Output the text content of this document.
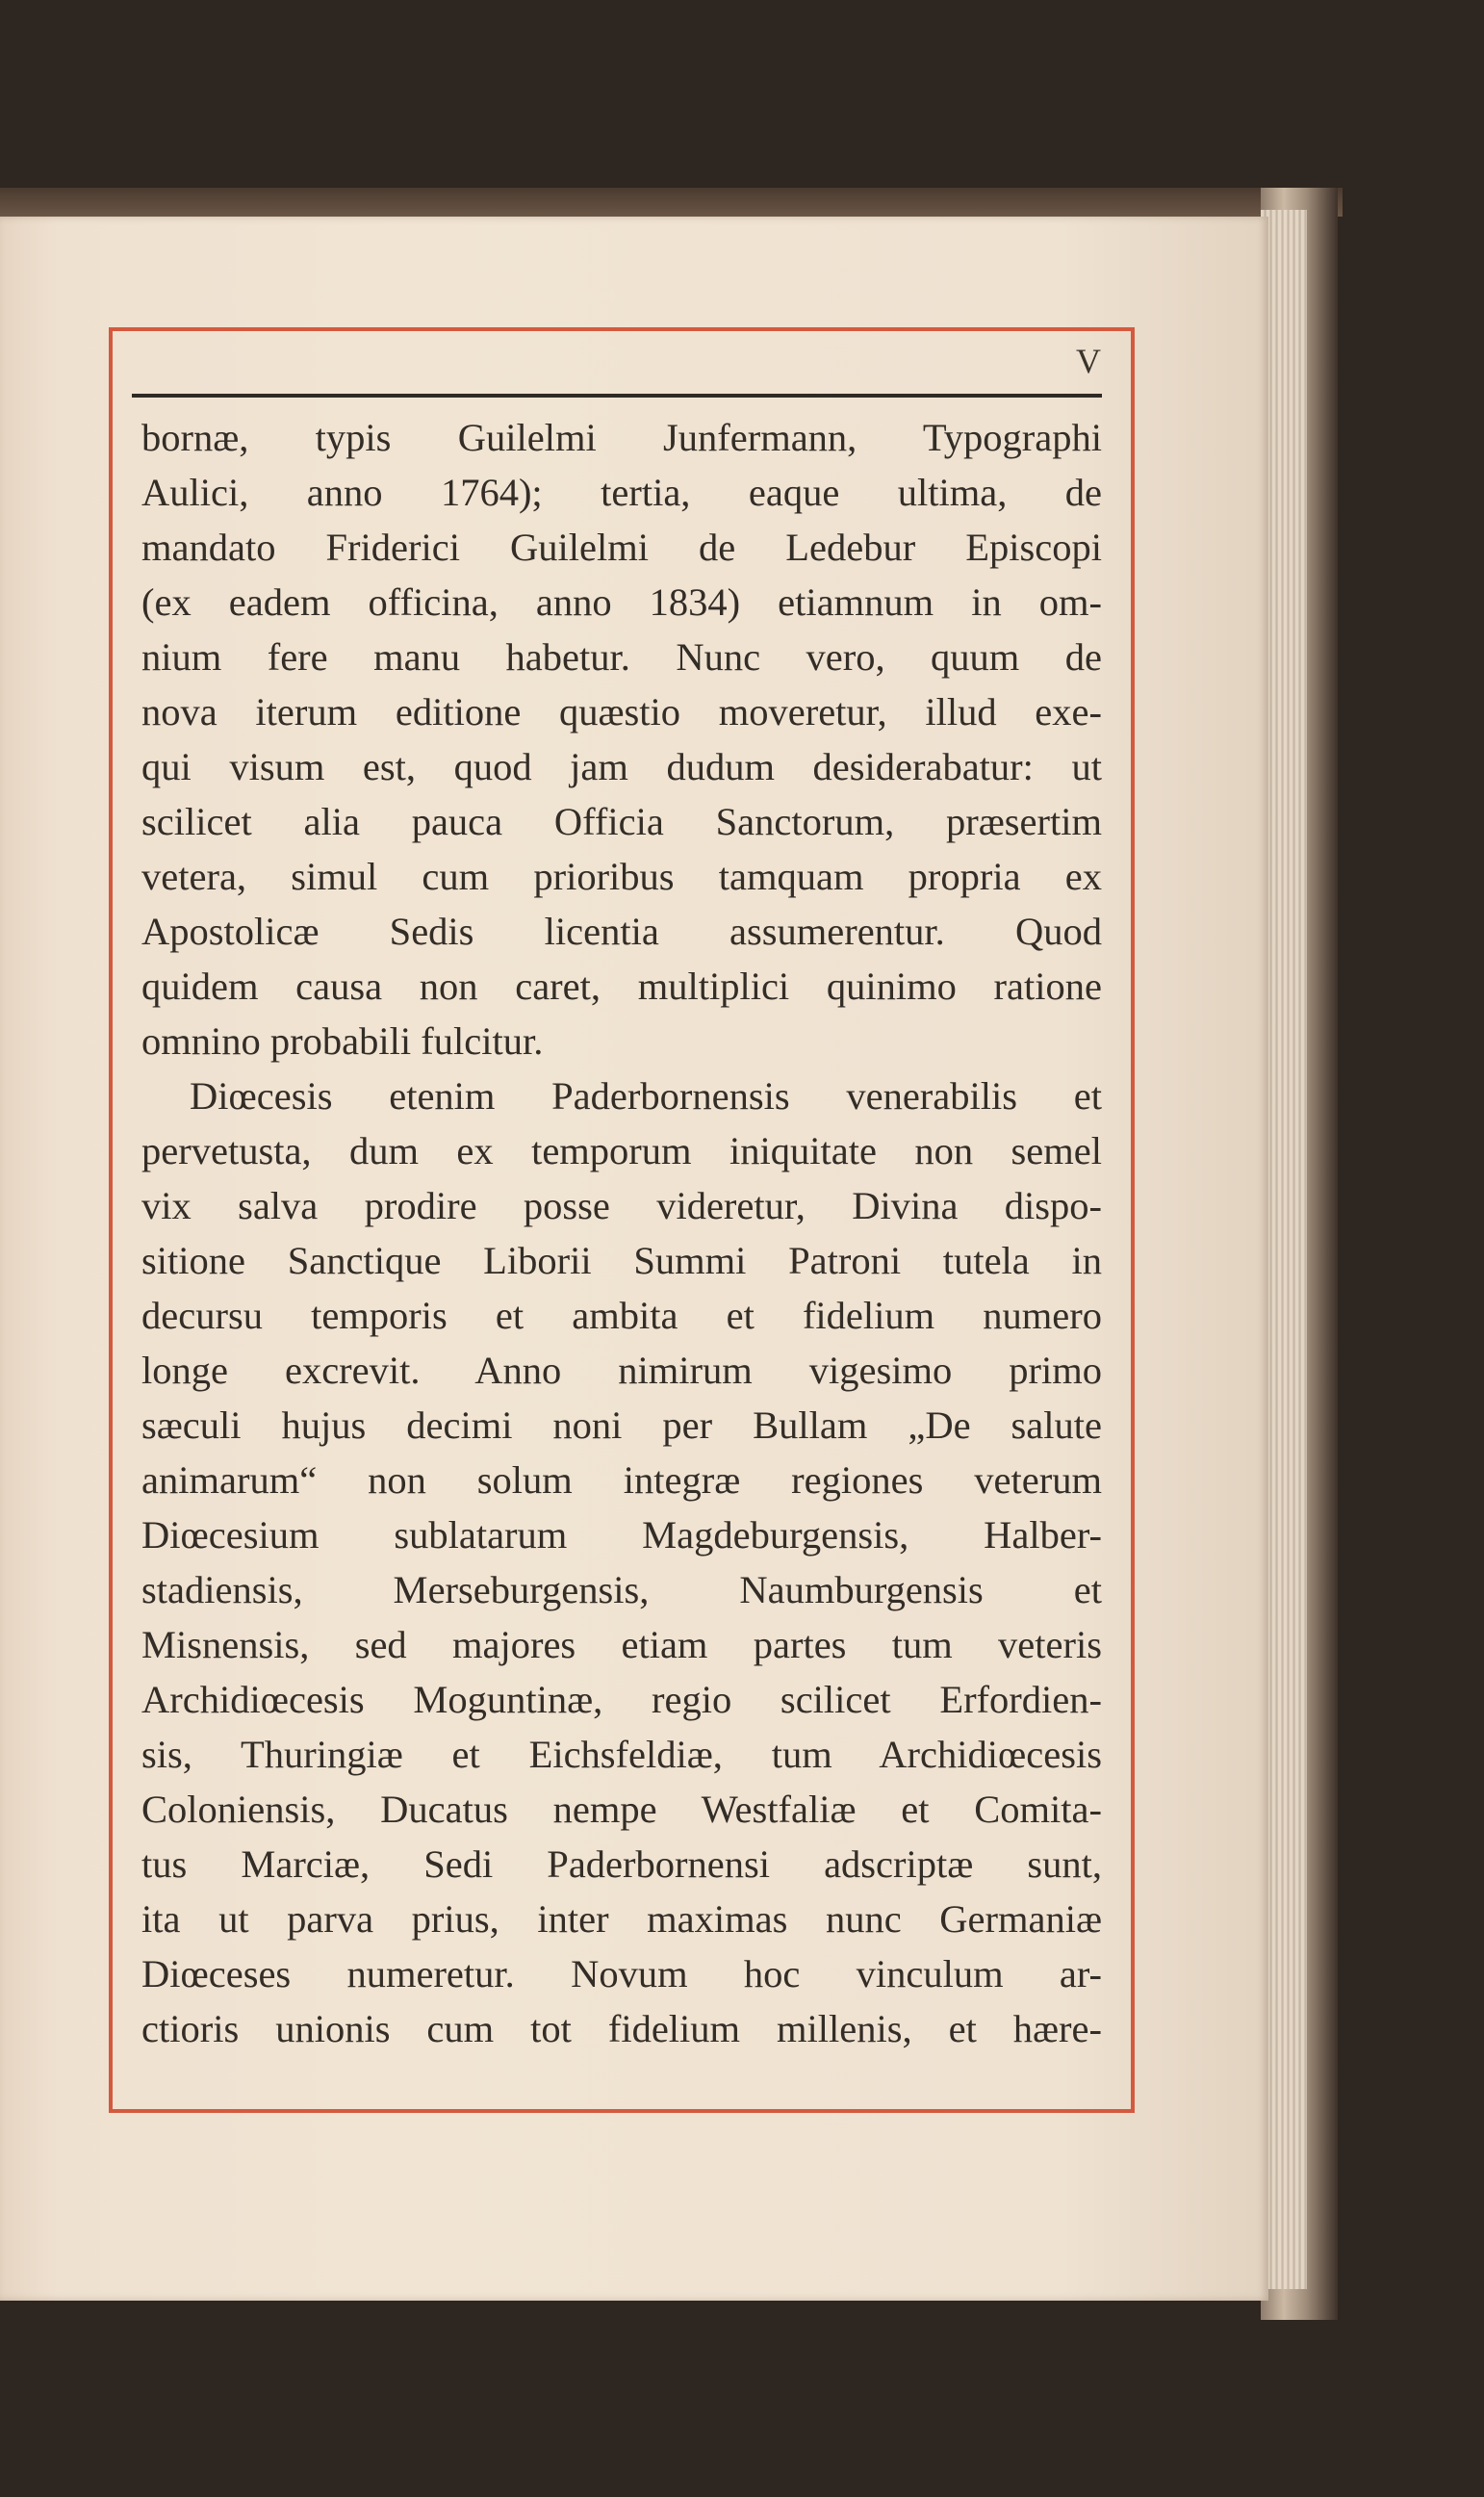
V
bornæ, typis Guilelmi Junfermann, Typographi
Aulici, anno 1764); tertia, eaque ultima, de
mandato Friderici Guilelmi de Ledebur Episcopi
(ex eadem officina, anno 1834) etiamnum in om-
nium fere manu habetur. Nunc vero, quum de
nova iterum editione quæstio moveretur, illud exe-
qui visum est, quod jam dudum desiderabatur: ut
scilicet alia pauca Officia Sanctorum, præsertim
vetera, simul cum prioribus tamquam propria ex
Apostolicæ Sedis licentia assumerentur. Quod
quidem causa non caret, multiplici quinimo ratione
omnino probabili fulcitur.
Diœcesis etenim Paderbornensis venerabilis et
pervetusta, dum ex temporum iniquitate non semel
vix salva prodire posse videretur, Divina dispo-
sitione Sanctique Liborii Summi Patroni tutela in
decursu temporis et ambita et fidelium numero
longe excrevit. Anno nimirum vigesimo primo
sæculi hujus decimi noni per Bullam „De salute
animarum“ non solum integræ regiones veterum
Diœcesium sublatarum Magdeburgensis, Halber-
stadiensis, Merseburgensis, Naumburgensis et
Misnensis, sed majores etiam partes tum veteris
Archidiœcesis Moguntinæ, regio scilicet Erfordien-
sis, Thuringiæ et Eichsfeldiæ, tum Archidiœcesis
Coloniensis, Ducatus nempe Westfaliæ et Comita-
tus Marciæ, Sedi Paderbornensi adscriptæ sunt,
ita ut parva prius, inter maximas nunc Germaniæ
Diœceses numeretur. Novum hoc vinculum ar-
ctioris unionis cum tot fidelium millenis, et hære-
